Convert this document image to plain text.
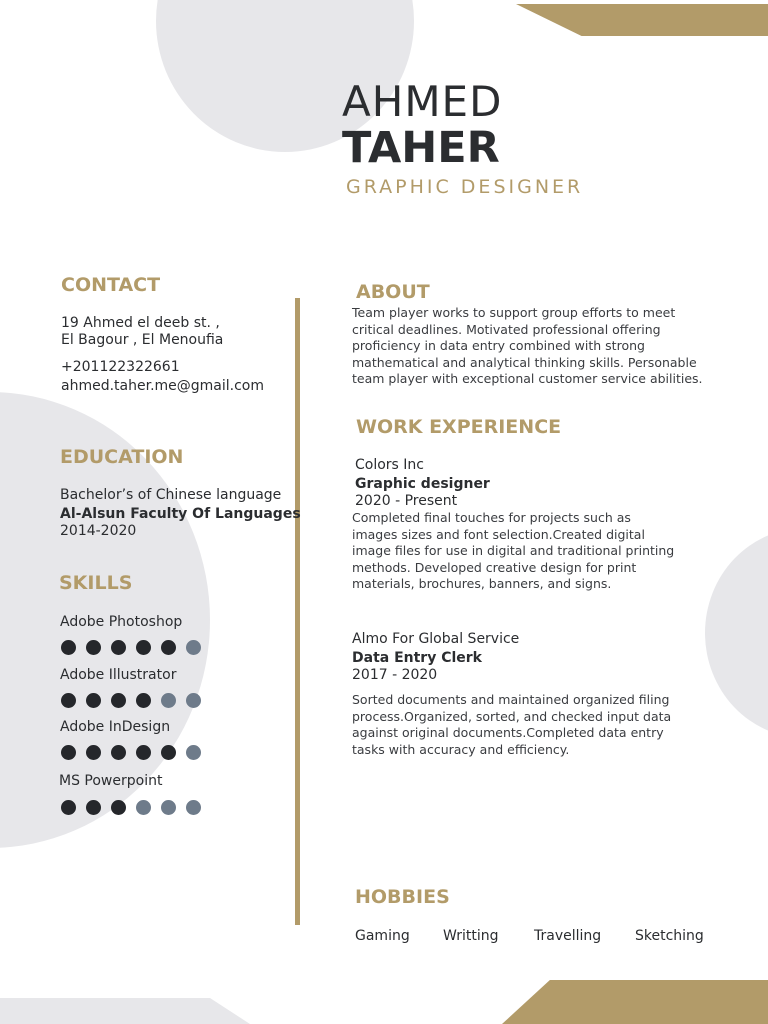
AHMED
TAHER
GRAPHIC DESIGNER
CONTACT
19 Ahmed el deeb st. ,
El Bagour , El Menoufia
+201122322661
ahmed.taher.me@gmail.com
EDUCATION
Bachelor’s of Chinese language
Al-Alsun Faculty Of Languages
2014-2020
SKILLS
Adobe Photoshop
Adobe Illustrator
Adobe InDesign
MS Powerpoint
ABOUT
Team player works to support group efforts to meet
critical deadlines. Motivated professional offering
proficiency in data entry combined with strong
mathematical and analytical thinking skills. Personable
team player with exceptional customer service abilities.
WORK EXPERIENCE
Colors Inc
Graphic designer
2020 - Present
Completed final touches for projects such as
images sizes and font selection.Created digital
image files for use in digital and traditional printing
methods. Developed creative design for print
materials, brochures, banners, and signs.
Almo For Global Service
Data Entry Clerk
2017 - 2020
Sorted documents and maintained organized filing
process.Organized, sorted, and checked input data
against original documents.Completed data entry
tasks with accuracy and efficiency.
HOBBIES
Gaming Writting	Travelling Sketching
